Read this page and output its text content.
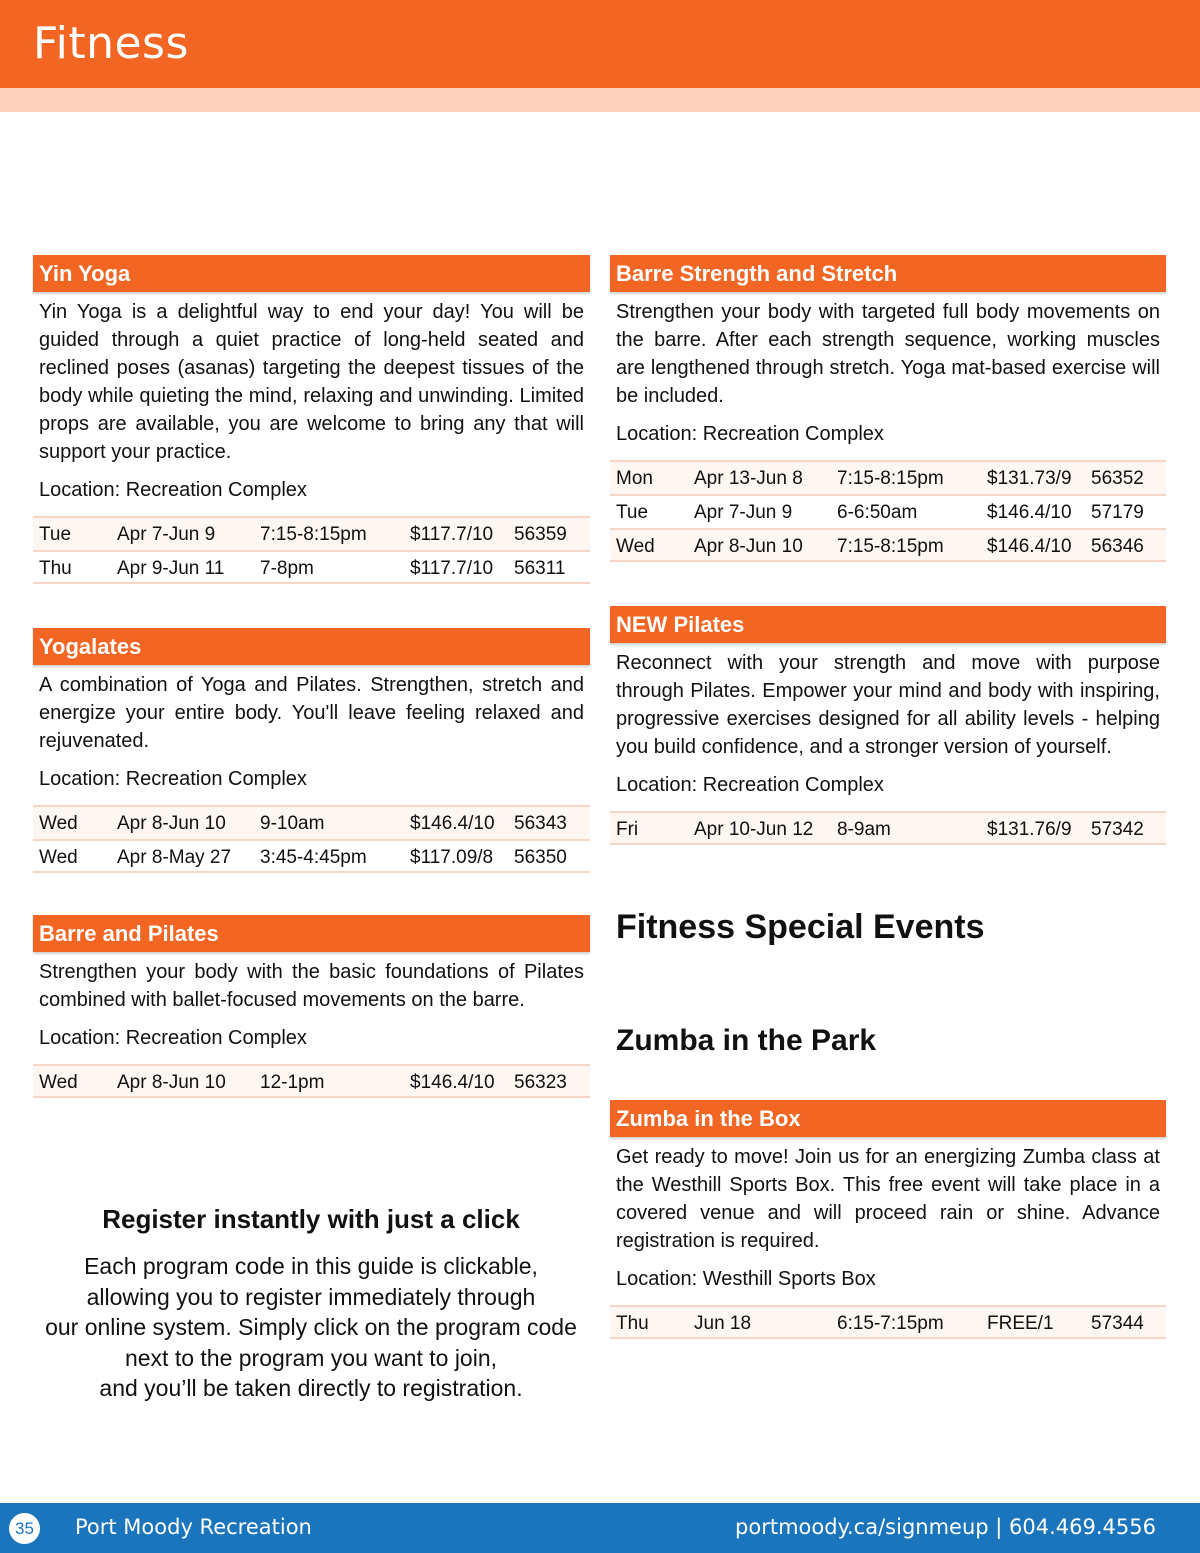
Fitness
Yin Yoga
Yin Yoga is a delightful way to end your day! You will be guided through a quiet practice of long-held seated and reclined poses (asanas) targeting the deepest tissues of the body while quieting the mind, relaxing and unwinding. Limited props are available, you are welcome to bring any that will support your practice.
Location: Recreation Complex
Tue	Apr 7-Jun 9	7:15-8:15pm	$117.7/10	56359
Thu	Apr 9-Jun 11	7-8pm	$117.7/10	56311
Yogalates
A combination of Yoga and Pilates. Strengthen, stretch and energize your entire body. You'll leave feeling relaxed and rejuvenated.
Location: Recreation Complex
Wed	Apr 8-Jun 10	9-10am	$146.4/10	56343
Wed	Apr 8-May 27	3:45-4:45pm	$117.09/8	56350
Barre and Pilates
Strengthen your body with the basic foundations of Pilates combined with ballet-focused movements on the barre.
Location: Recreation Complex
Wed	Apr 8-Jun 10	12-1pm	$146.4/10	56323
Register instantly with just a click
Each program code in this guide is clickable,
allowing you to register immediately through
our online system. Simply click on the program code
next to the program you want to join,
and you’ll be taken directly to registration.
Barre Strength and Stretch
Strengthen your body with targeted full body movements on the barre. After each strength sequence, working muscles are lengthened through stretch. Yoga mat-based exercise will be included.
Location: Recreation Complex
Mon	Apr 13-Jun 8	7:15-8:15pm	$131.73/9	56352
Tue	Apr 7-Jun 9	6-6:50am	$146.4/10	57179
Wed	Apr 8-Jun 10	7:15-8:15pm	$146.4/10	56346
NEW Pilates
Reconnect with your strength and move with purpose through Pilates. Empower your mind and body with inspiring, progressive exercises designed for all ability levels - helping you build confidence, and a stronger version of yourself.
Location: Recreation Complex
Fri	Apr 10-Jun 12	8-9am	$131.76/9	57342
Fitness Special Events
Zumba in the Park
Zumba in the Box
Get ready to move! Join us for an energizing Zumba class at the Westhill Sports Box. This free event will take place in a covered venue and will proceed rain or shine. Advance registration is required.
Location: Westhill Sports Box
Thu	Jun 18	6:15-7:15pm	FREE/1	57344
35 Port Moody Recreation	portmoody.ca/signmeup | 604.469.4556
